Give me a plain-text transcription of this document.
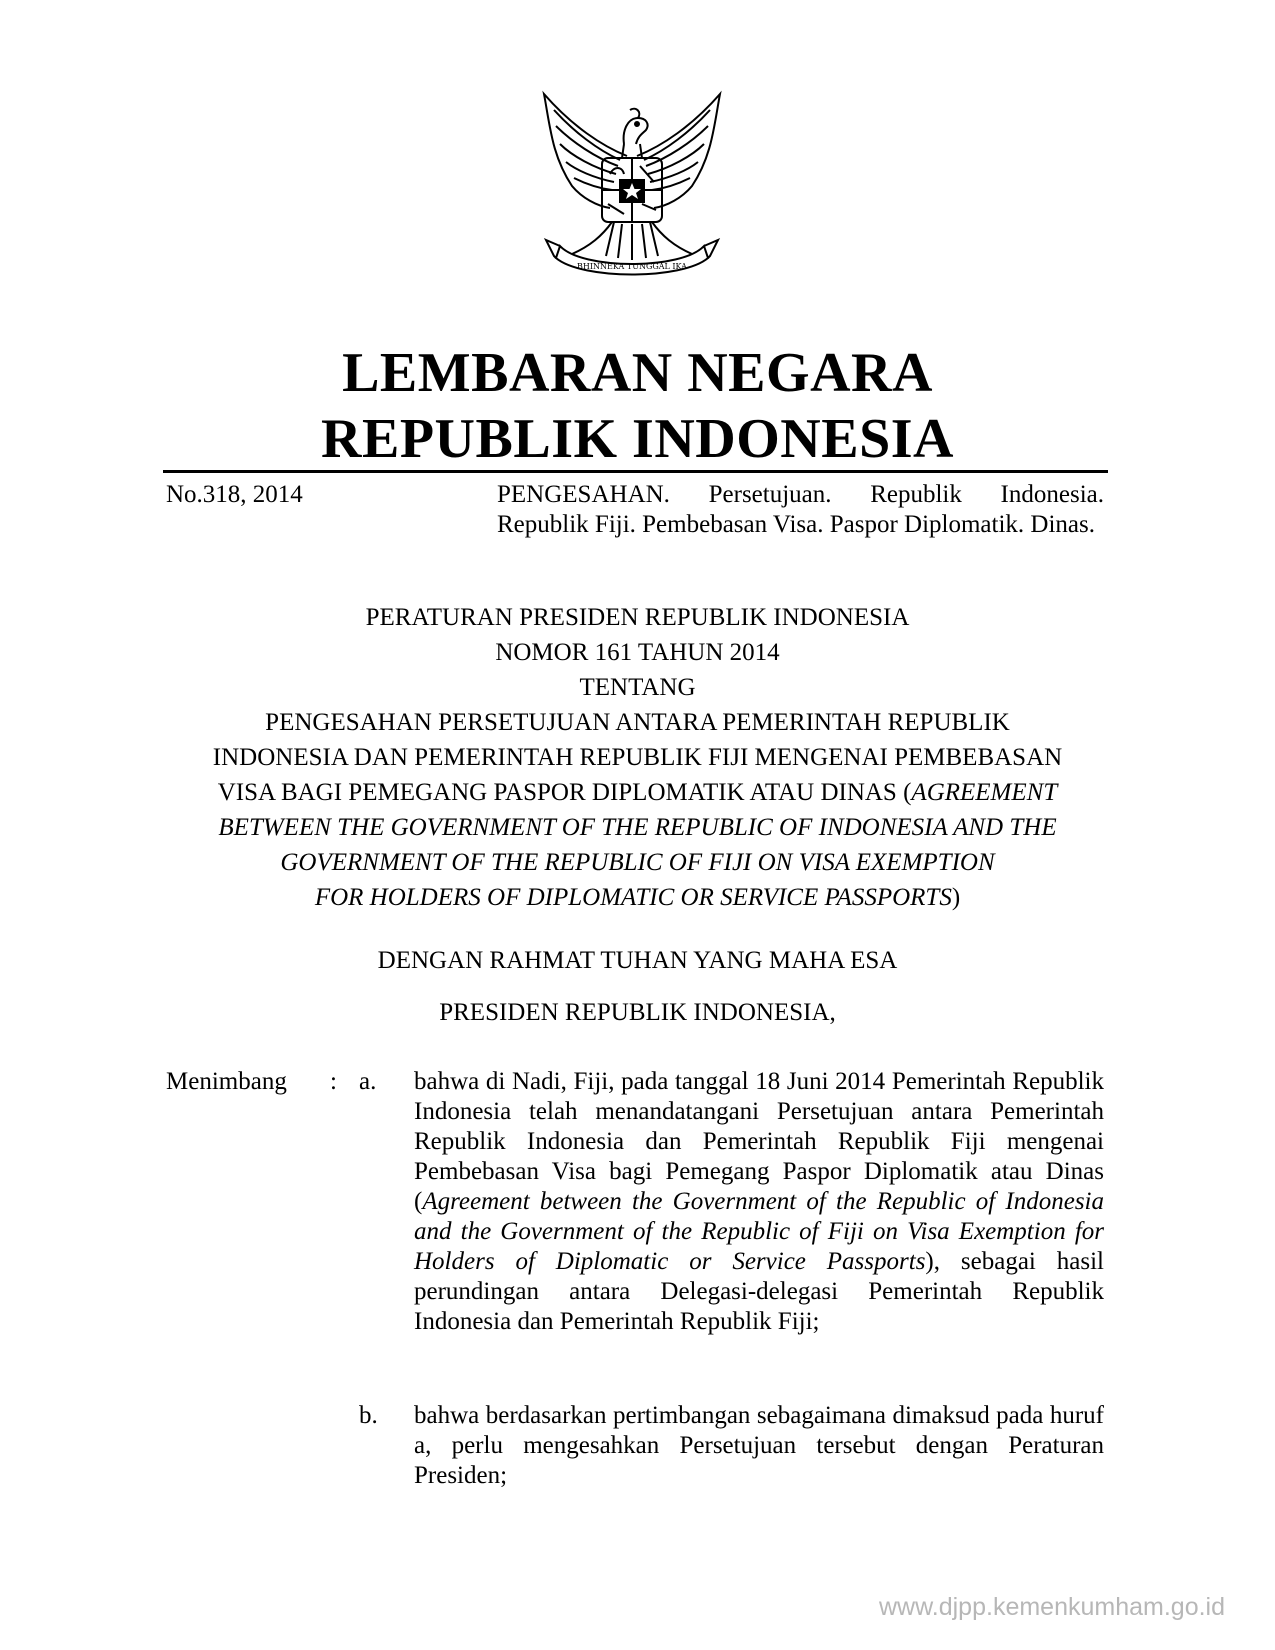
BHINNEKA TUNGGAL IKA
LEMBARAN NEGARA
REPUBLIK INDONESIA
No.318, 2014	PENGESAHAN. Persetujuan. Republik Indonesia. Republik Fiji. Pembebasan Visa. Paspor Diplomatik. Dinas.
PERATURAN PRESIDEN REPUBLIK INDONESIA
NOMOR 161 TAHUN 2014
TENTANG
PENGESAHAN PERSETUJUAN ANTARA PEMERINTAH REPUBLIK
INDONESIA DAN PEMERINTAH REPUBLIK FIJI MENGENAI PEMBEBASAN
VISA BAGI PEMEGANG PASPOR DIPLOMATIK ATAU DINAS (AGREEMENT
BETWEEN THE GOVERNMENT OF THE REPUBLIC OF INDONESIA AND THE
GOVERNMENT OF THE REPUBLIC OF FIJI ON VISA EXEMPTION
FOR HOLDERS OF DIPLOMATIC OR SERVICE PASSPORTS)
DENGAN RAHMAT TUHAN YANG MAHA ESA
PRESIDEN REPUBLIK INDONESIA,
Menimbang : a. bahwa di Nadi, Fiji, pada tanggal 18 Juni 2014 Pemerintah Republik Indonesia telah menandatangani Persetujuan antara Pemerintah Republik Indonesia dan Pemerintah Republik Fiji mengenai Pembebasan Visa bagi Pemegang Paspor Diplomatik atau Dinas (Agreement between the Government of the Republic of Indonesia and the Government of the Republic of Fiji on Visa Exemption for Holders of Diplomatic or Service Passports), sebagai hasil perundingan antara Delegasi-delegasi Pemerintah Republik Indonesia dan Pemerintah Republik Fiji;
b. bahwa berdasarkan pertimbangan sebagaimana dimaksud pada huruf a, perlu mengesahkan Persetujuan tersebut dengan Peraturan Presiden;
www.djpp.kemenkumham.go.id
